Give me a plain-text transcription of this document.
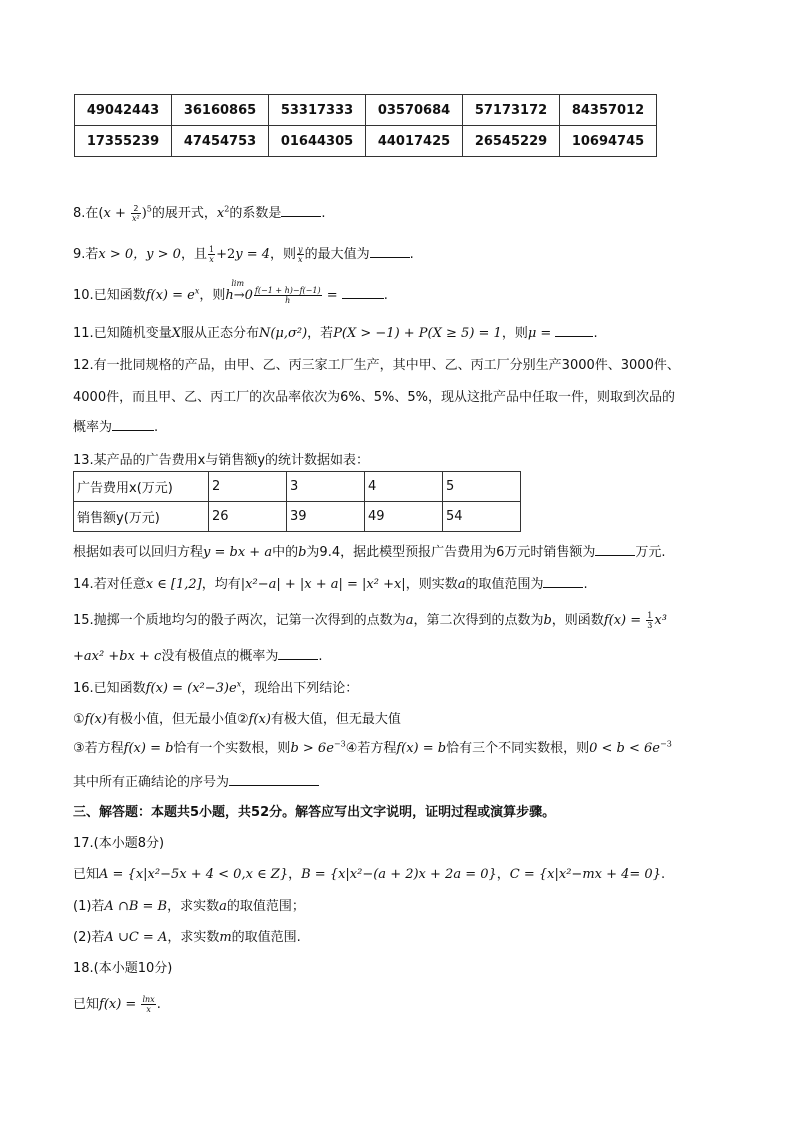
49042443	36160865	53317333	03570684	57173172	84357012
17355239	47454753	01644305	44017425	26545229	10694745
8.在$(x + \frac{2}{\text{x²}} )^5$的展开式，$x^2$的系数是	.
9.若x > 0，y > 0，且 $\frac{1}{x} +2y = 4$，则 $\frac{y}{x}$ 的最大值为	.
10.已知函数$f(x) = e^x$，则
lim
$h\to 0 \frac{f(-1 + h)-f(-1)}{h}$ =	.
11.已知随机变量X服从正态分布N(μ,σ²)，若P(X > −1) + P(X ≥ 5) = 1，则μ =	.
12.有一批同规格的产品，由甲、乙、丙三家工厂生产，其中甲、乙、丙工厂分别生产3000件、3000件、
4000件，而且甲、乙、丙工厂的次品率依次为6%、5%、5%，现从这批产品中任取一件，则取到次品的
概率为	.
13.某产品的广告费用x与销售额y的统计数据如表：
广告费用x(万元)	2	3	4	5
销售额y(万元)	26	39	49	54
根据如表可以回归方程y = bx + a中的b为9.4，据此模型预报广告费用为6万元时销售额为	万元.
14.若对任意x ∈ [1,2]，均有|x²−a| + |x + a| = |x² +x|，则实数a的取值范围为	.
15.抛掷一个质地均匀的骰子两次，记第一次得到的点数为a，第二次得到的点数为b，则函数$f(x) = \frac{1}{3} x^3$
+ax² +bx + c没有极值点的概率为	.
16.已知函数$f(x) = (x^2-3)e^x$，现给出下列结论：
①f(x)有极小值，但无最小值②f(x)有极大值，但无最大值
③若方程f(x) = b恰有一个实数根，则$b > 6e^{-3}④$若方程f(x) = b恰有三个不同实数根，则$0 < b < 6e^{-3}$
其中所有正确结论的序号为
三、解答题：本题共5小题，共52分。解答应写出文字说明，证明过程或演算步骤。
17.(本小题8分)
已知A = {x|x²−5x + 4 < 0,x ∈ Z}，B = {x|x²−(a + 2)x + 2a = 0}，C = {x|x²−mx + 4= 0}.
(1)若A ∩B = B，求实数a的取值范围；
(2)若A ∪C = A，求实数m的取值范围.
18.(本小题10分)
已知$f(x) = \frac{\ln x}{x}$ .
